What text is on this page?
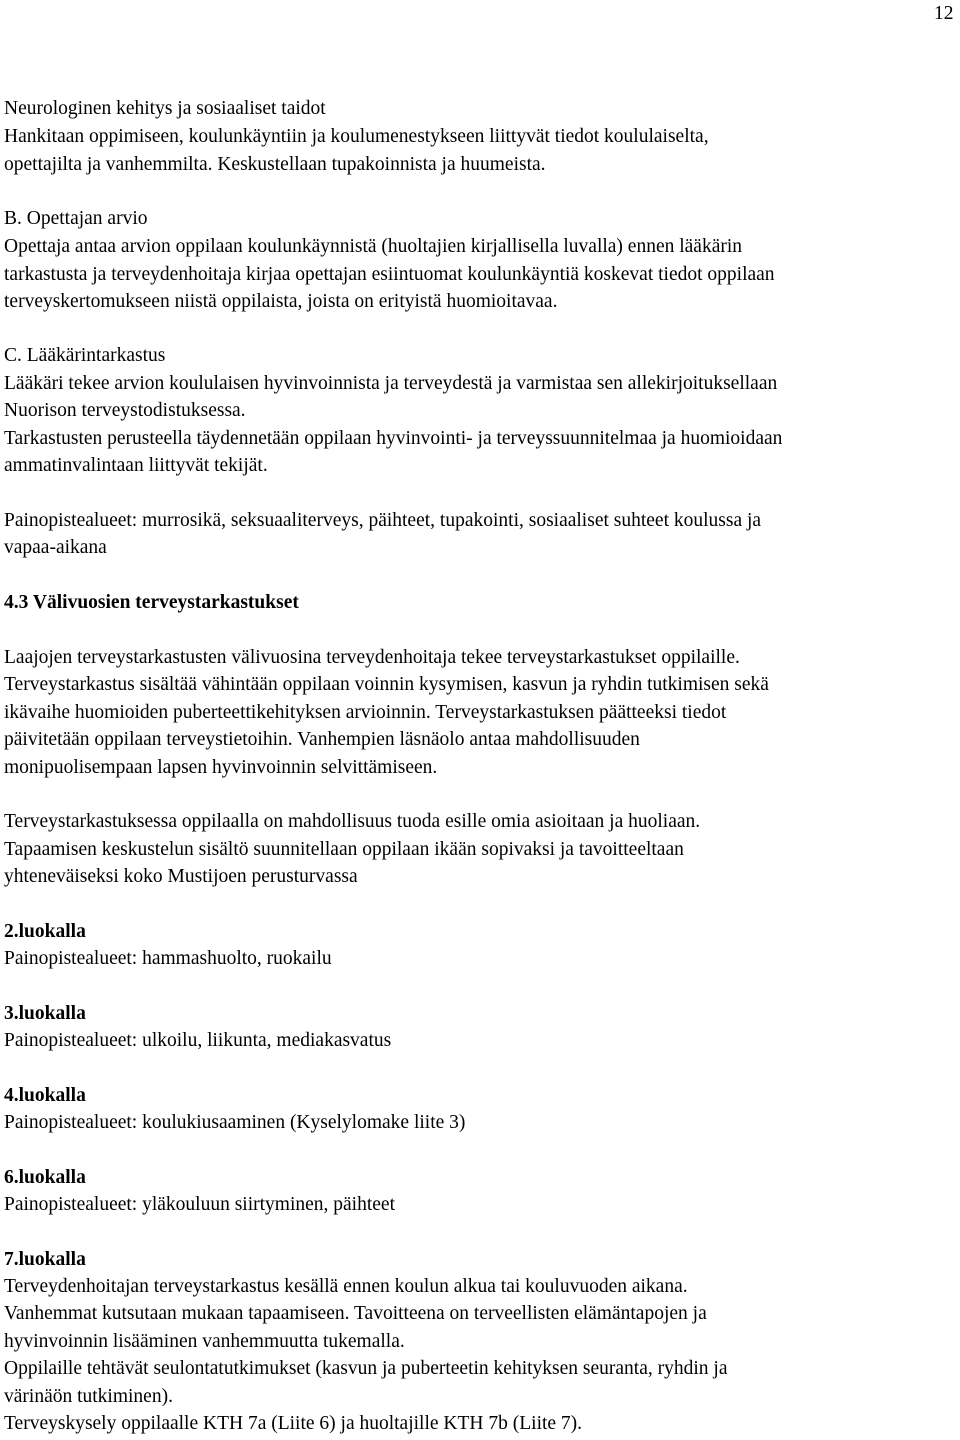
12
Neurologinen kehitys ja sosiaaliset taidot
Hankitaan oppimiseen, koulunkäyntiin ja koulumenestykseen liittyvät tiedot koululaiselta,
opettajilta ja vanhemmilta. Keskustellaan tupakoinnista ja huumeista.
B. Opettajan arvio
Opettaja antaa arvion oppilaan koulunkäynnistä (huoltajien kirjallisella luvalla) ennen lääkärin
tarkastusta ja terveydenhoitaja kirjaa opettajan esiintuomat koulunkäyntiä koskevat tiedot oppilaan
terveyskertomukseen niistä oppilaista, joista on erityistä huomioitavaa.
C. Lääkärintarkastus
Lääkäri tekee arvion koululaisen hyvinvoinnista ja terveydestä ja varmistaa sen allekirjoituksellaan
Nuorison terveystodistuksessa.
Tarkastusten perusteella täydennetään oppilaan hyvinvointi- ja terveyssuunnitelmaa ja huomioidaan
ammatinvalintaan liittyvät tekijät.
Painopistealueet: murrosikä, seksuaaliterveys, päihteet, tupakointi, sosiaaliset suhteet koulussa ja
vapaa-aikana
4.3 Välivuosien terveystarkastukset
Laajojen terveystarkastusten välivuosina terveydenhoitaja tekee terveystarkastukset oppilaille.
Terveystarkastus sisältää vähintään oppilaan voinnin kysymisen, kasvun ja ryhdin tutkimisen sekä
ikävaihe huomioiden puberteettikehityksen arvioinnin. Terveystarkastuksen päätteeksi tiedot
päivitetään oppilaan terveystietoihin. Vanhempien läsnäolo antaa mahdollisuuden
monipuolisempaan lapsen hyvinvoinnin selvittämiseen.
Terveystarkastuksessa oppilaalla on mahdollisuus tuoda esille omia asioitaan ja huoliaan.
Tapaamisen keskustelun sisältö suunnitellaan oppilaan ikään sopivaksi ja tavoitteeltaan
yhteneväiseksi koko Mustijoen perusturvassa
2.luokalla
Painopistealueet: hammashuolto, ruokailu
3.luokalla
Painopistealueet: ulkoilu, liikunta, mediakasvatus
4.luokalla
Painopistealueet: koulukiusaaminen (Kyselylomake liite 3)
6.luokalla
Painopistealueet: yläkouluun siirtyminen, päihteet
7.luokalla
Terveydenhoitajan terveystarkastus kesällä ennen koulun alkua tai kouluvuoden aikana.
Vanhemmat kutsutaan mukaan tapaamiseen. Tavoitteena on terveellisten elämäntapojen ja
hyvinvoinnin lisääminen vanhemmuutta tukemalla.
Oppilaille tehtävät seulontatutkimukset (kasvun ja puberteetin kehityksen seuranta, ryhdin ja
värinäön tutkiminen).
Terveyskysely oppilaalle KTH 7a (Liite 6) ja huoltajille KTH 7b (Liite 7).
